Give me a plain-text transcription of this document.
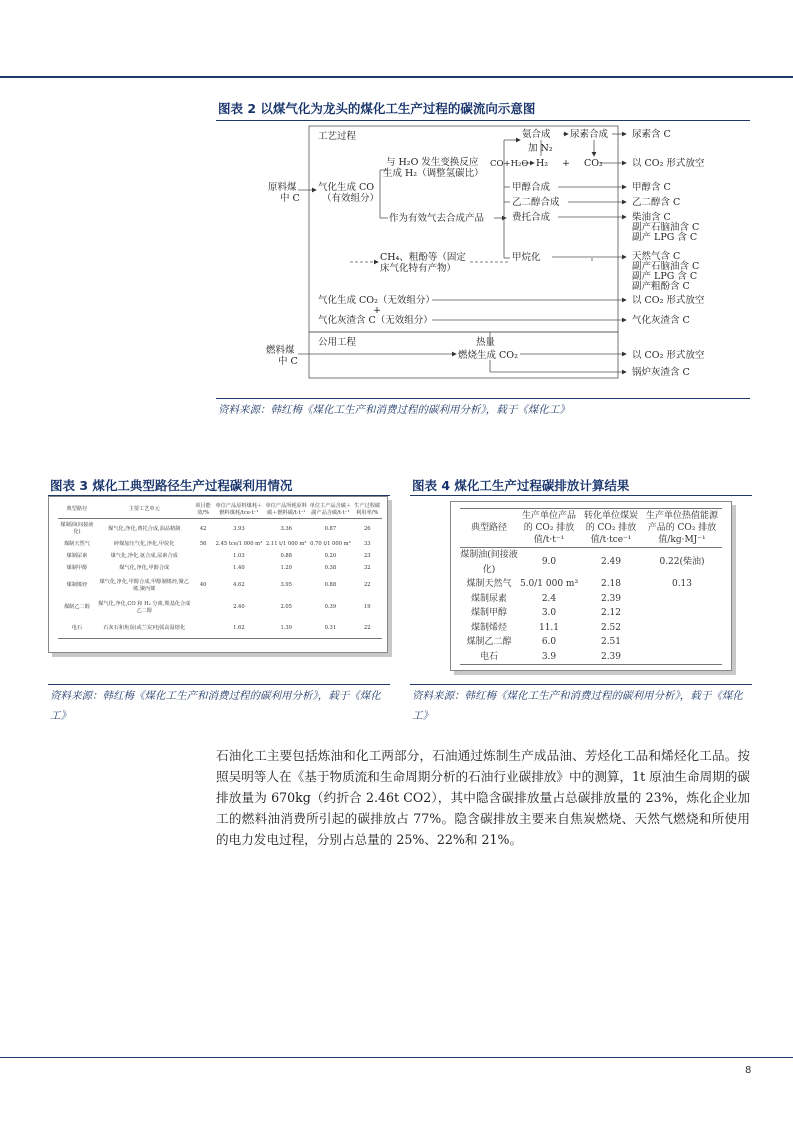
图表 2 以煤气化为龙头的煤化工生产过程的碳流向示意图
工艺过程
原料煤
中 C
气化生成 CO
（有效组分）
与 H₂O 发生变换反应
生成 H₂（调整氢碳比）
作为有效气去合成产品
CH₄、粗酚等（固定
床气化特有产物）
氨合成 尿素合成
加 N₂
CO+H₂O H₂ + CO₂
甲醇合成
乙二醇合成
费托合成
甲烷化
尿素含 C
以 CO₂ 形式放空
甲醇含 C
乙二醇含 C
柴油含 C
副产石脑油含 C
副产 LPG 含 C
天然气含 C
副产石脑油含 C
副产 LPG 含 C
副产粗酚含 C
气化生成 CO₂（无效组分）
+
气化灰渣含 C（无效组分）
以 CO₂ 形式放空
气化灰渣含 C
公用工程
燃料煤
中 C
热量
燃烧生成 CO₂	以 CO₂ 形式放空
锅炉灰渣含 C
资料来源：韩红梅《煤化工生产和消费过程的碳利用分析》，载于《煤化工》
图表 3 煤化工典型路径生产过程碳利用情况
典型路径	主要工艺单元	项目能效/%	单位产品原料煤耗＋燃料煤耗/tce·t⁻¹	单位产品所耗原料碳＋燃料碳/t·t⁻¹	单位主产品含碳＋副产品含碳/t·t⁻¹	生产过程碳利用率/%
煤制油(间接液化)	煤气化,净化,费托合成,油品精制	42	3.93	3.36	0.87	26
煤制天然气	碎煤加压气化,净化,甲烷化	56	2.45 tce/1 000 m³	2.11 t/1 000 m³	0.70 t/1 000 m³	33
煤制尿素	煤气化,净化,氨合成,尿素合成		1.03	0.88	0.20	23
煤制甲醇	煤气化,净化,甲醇合成		1.40	1.20	0.38	32
煤制烯烃	煤气化,净化,甲醇合成,甲醇制烯烃,聚乙烯,聚丙烯	40	4.62	3.95	0.88	22
煤制乙二醇	煤气化,净化,CO 和 H₂ 分离,羰基化合成乙二醇		2.40	2.05	0.39	19
电石	石灰石和焦炭(或兰炭)电弧高温熔化		1.62	1.39	0.31	22
资料来源：韩红梅《煤化工生产和消费过程的碳利用分析》，载于《煤化工》
图表 4 煤化工生产过程碳排放计算结果
典型路径	生产单位产品的 CO₂ 排放值/t·t⁻¹	转化单位煤炭的 CO₂ 排放值/t·tce⁻¹	生产单位热值能源产品的 CO₂ 排放值/kg·MJ⁻¹
煤制油(间接液化)	9.0	2.49	0.22(柴油)
煤制天然气	5.0/1 000 m³	2.18	0.13
煤制尿素	2.4	2.39	
煤制甲醇	3.0	2.12	
煤制烯烃	11.1	2.52	
煤制乙二醇	6.0	2.51	
电石	3.9	2.39	
资料来源：韩红梅《煤化工生产和消费过程的碳利用分析》，载于《煤化工》

石油化工主要包括炼油和化工两部分，石油通过炼制生产成品油、芳烃化工品和烯烃化工品。按照吴明等人在《基于物质流和生命周期分析的石油行业碳排放》中的测算，1t 原油生命周期的碳排放量为 670kg（约折合 2.46t CO2），其中隐含碳排放量占总碳排放量的 23%，炼化企业加工的燃料油消费所引起的碳排放占 77%。隐含碳排放主要来自焦炭燃烧、天然气燃烧和所使用的电力发电过程，分别占总量的 25%、22%和 21%。

8
